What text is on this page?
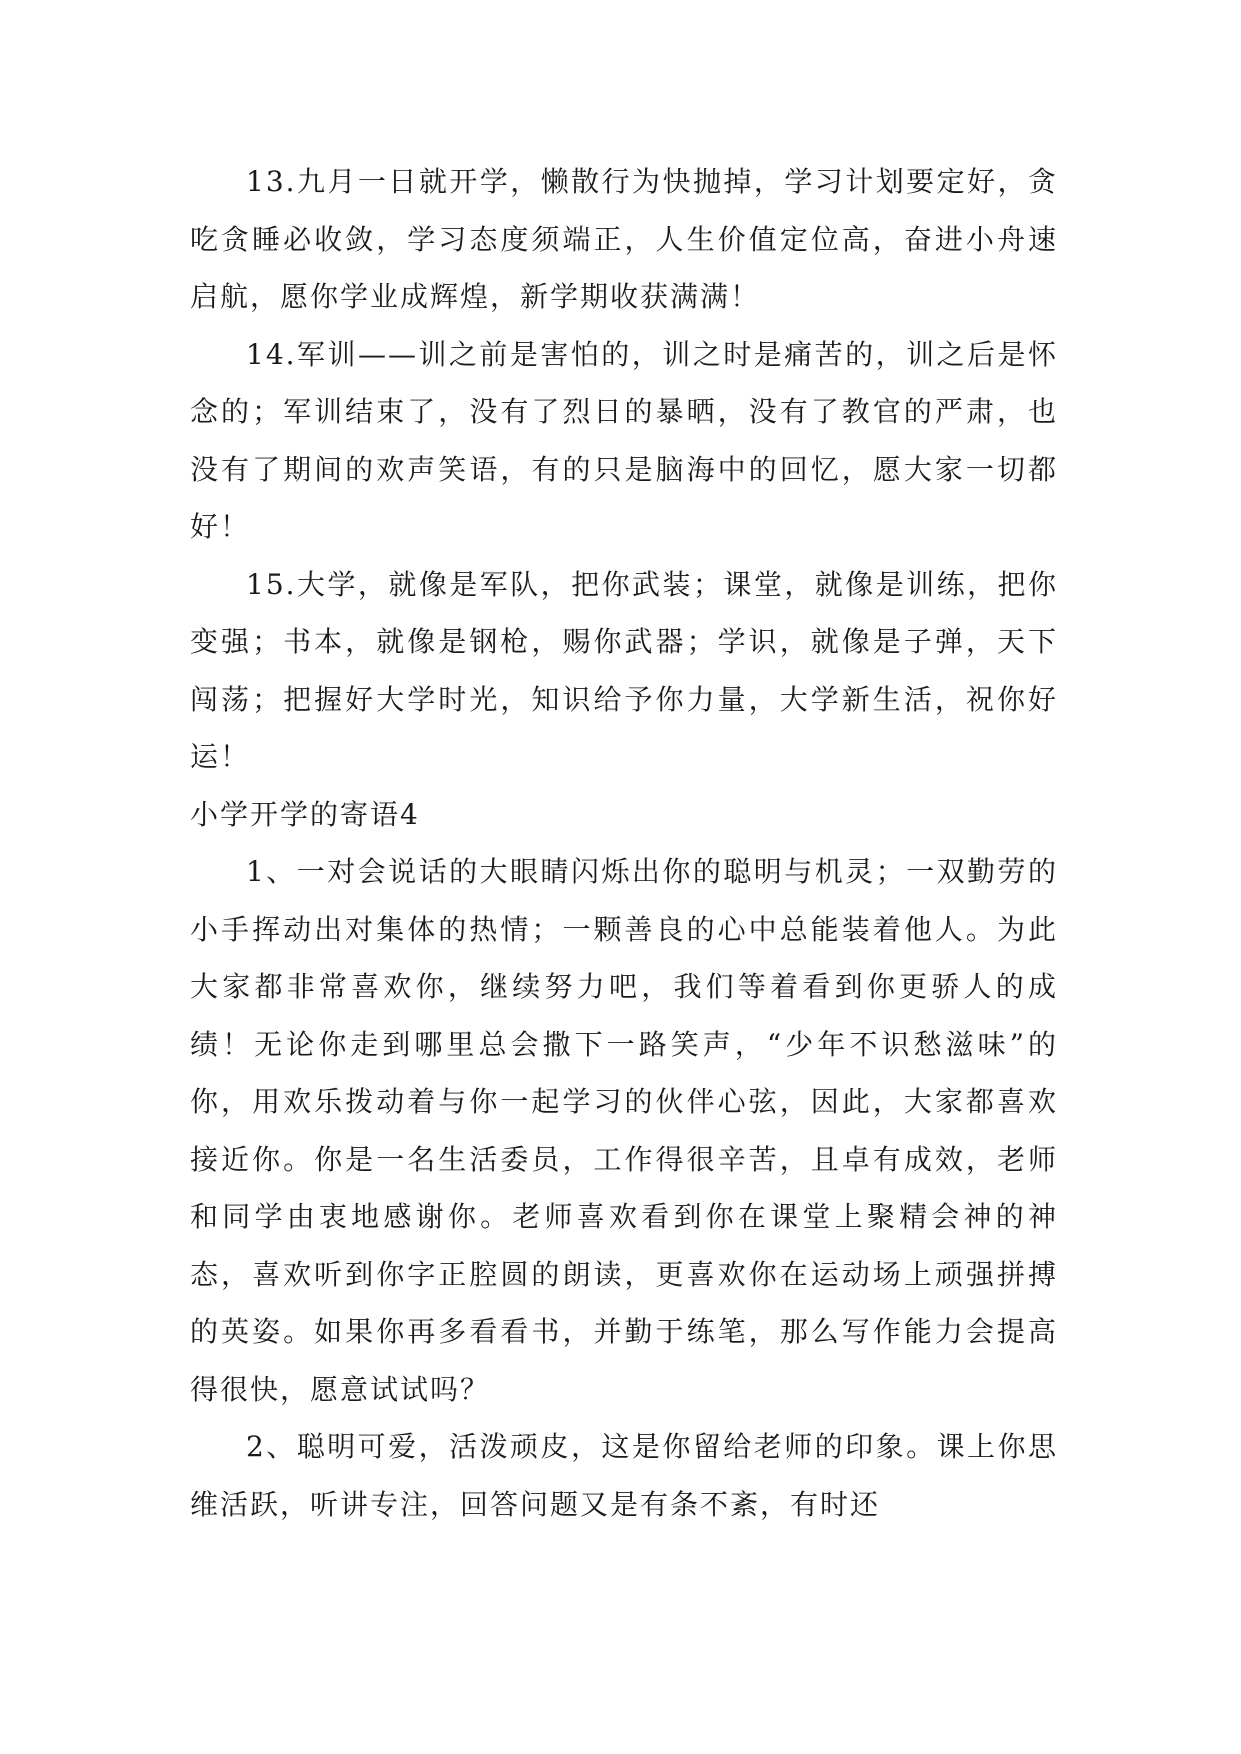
13.九月一日就开学，懒散行为快抛掉，学习计划要定好，贪吃贪睡必收敛，学习态度须端正，人生价值定位高，奋进小舟速启航，愿你学业成辉煌，新学期收获满满！

14.军训——训之前是害怕的，训之时是痛苦的，训之后是怀念的；军训结束了，没有了烈日的暴晒，没有了教官的严肃，也没有了期间的欢声笑语，有的只是脑海中的回忆，愿大家一切都好！

15.大学，就像是军队，把你武装；课堂，就像是训练，把你变强；书本，就像是钢枪，赐你武器；学识，就像是子弹，天下闯荡；把握好大学时光，知识给予你力量，大学新生活，祝你好运！

小学开学的寄语4

1、一对会说话的大眼睛闪烁出你的聪明与机灵；一双勤劳的小手挥动出对集体的热情；一颗善良的心中总能装着他人。为此大家都非常喜欢你，继续努力吧，我们等着看到你更骄人的成绩！无论你走到哪里总会撒下一路笑声，“少年不识愁滋味”的你，用欢乐拨动着与你一起学习的伙伴心弦，因此，大家都喜欢接近你。你是一名生活委员，工作得很辛苦，且卓有成效，老师和同学由衷地感谢你。老师喜欢看到你在课堂上聚精会神的神态，喜欢听到你字正腔圆的朗读，更喜欢你在运动场上顽强拼搏的英姿。如果你再多看看书，并勤于练笔，那么写作能力会提高得很快，愿意试试吗？

2、聪明可爱，活泼顽皮，这是你留给老师的印象。课上你思维活跃，听讲专注，回答问题又是有条不紊，有时还
